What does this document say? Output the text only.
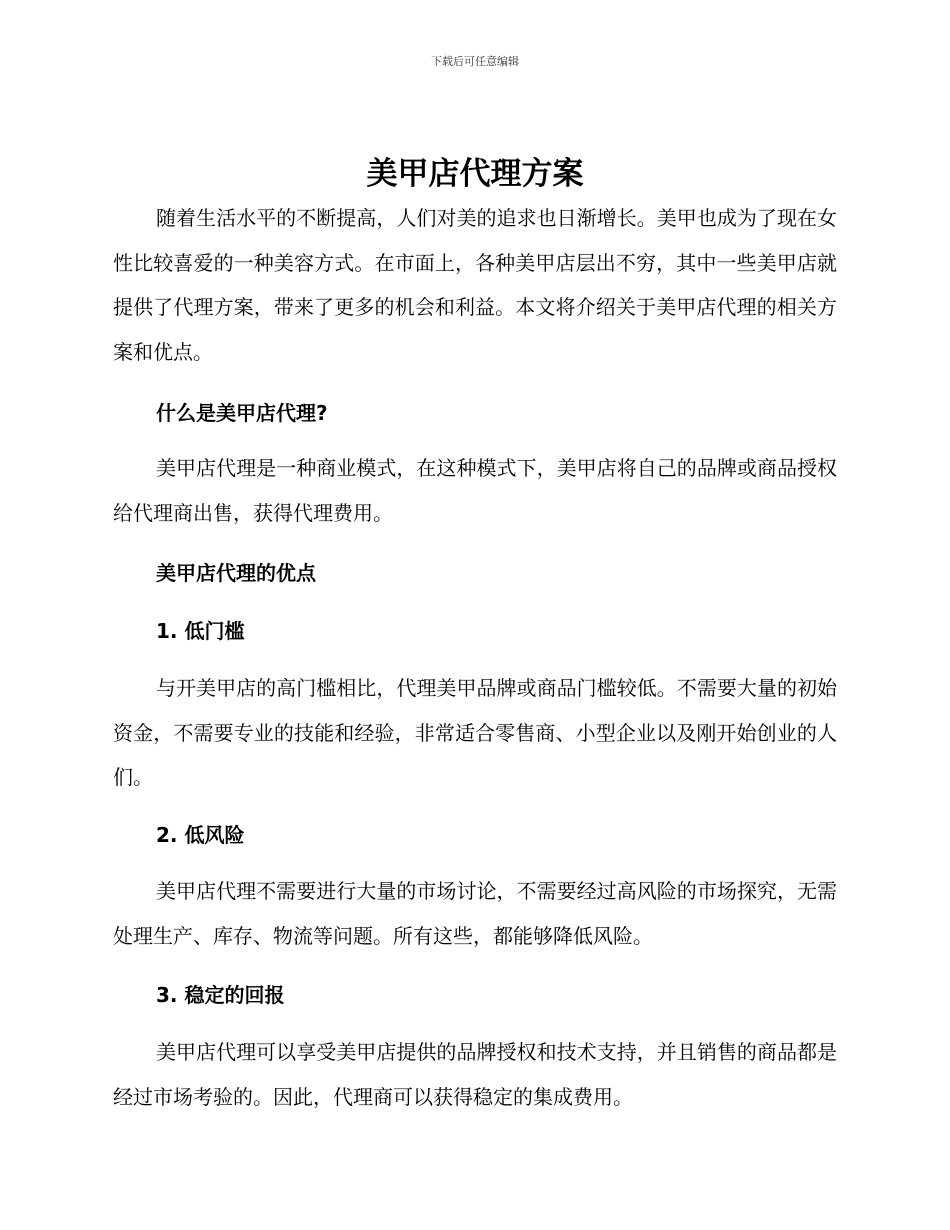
下载后可任意编辑
美甲店代理方案

随着生活水平的不断提高，人们对美的追求也日渐增长。美甲也成为了现在女性比较喜爱的一种美容方式。在市面上，各种美甲店层出不穷，其中一些美甲店就提供了代理方案，带来了更多的机会和利益。本文将介绍关于美甲店代理的相关方案和优点。

什么是美甲店代理?

美甲店代理是一种商业模式，在这种模式下，美甲店将自己的品牌或商品授权给代理商出售，获得代理费用。

美甲店代理的优点
1. 低门槛

与开美甲店的高门槛相比，代理美甲品牌或商品门槛较低。不需要大量的初始资金，不需要专业的技能和经验，非常适合零售商、小型企业以及刚开始创业的人们。

2. 低风险

美甲店代理不需要进行大量的市场讨论，不需要经过高风险的市场探究，无需处理生产、库存、物流等问题。所有这些，都能够降低风险。

3. 稳定的回报

美甲店代理可以享受美甲店提供的品牌授权和技术支持，并且销售的商品都是经过市场考验的。因此，代理商可以获得稳定的集成费用。
